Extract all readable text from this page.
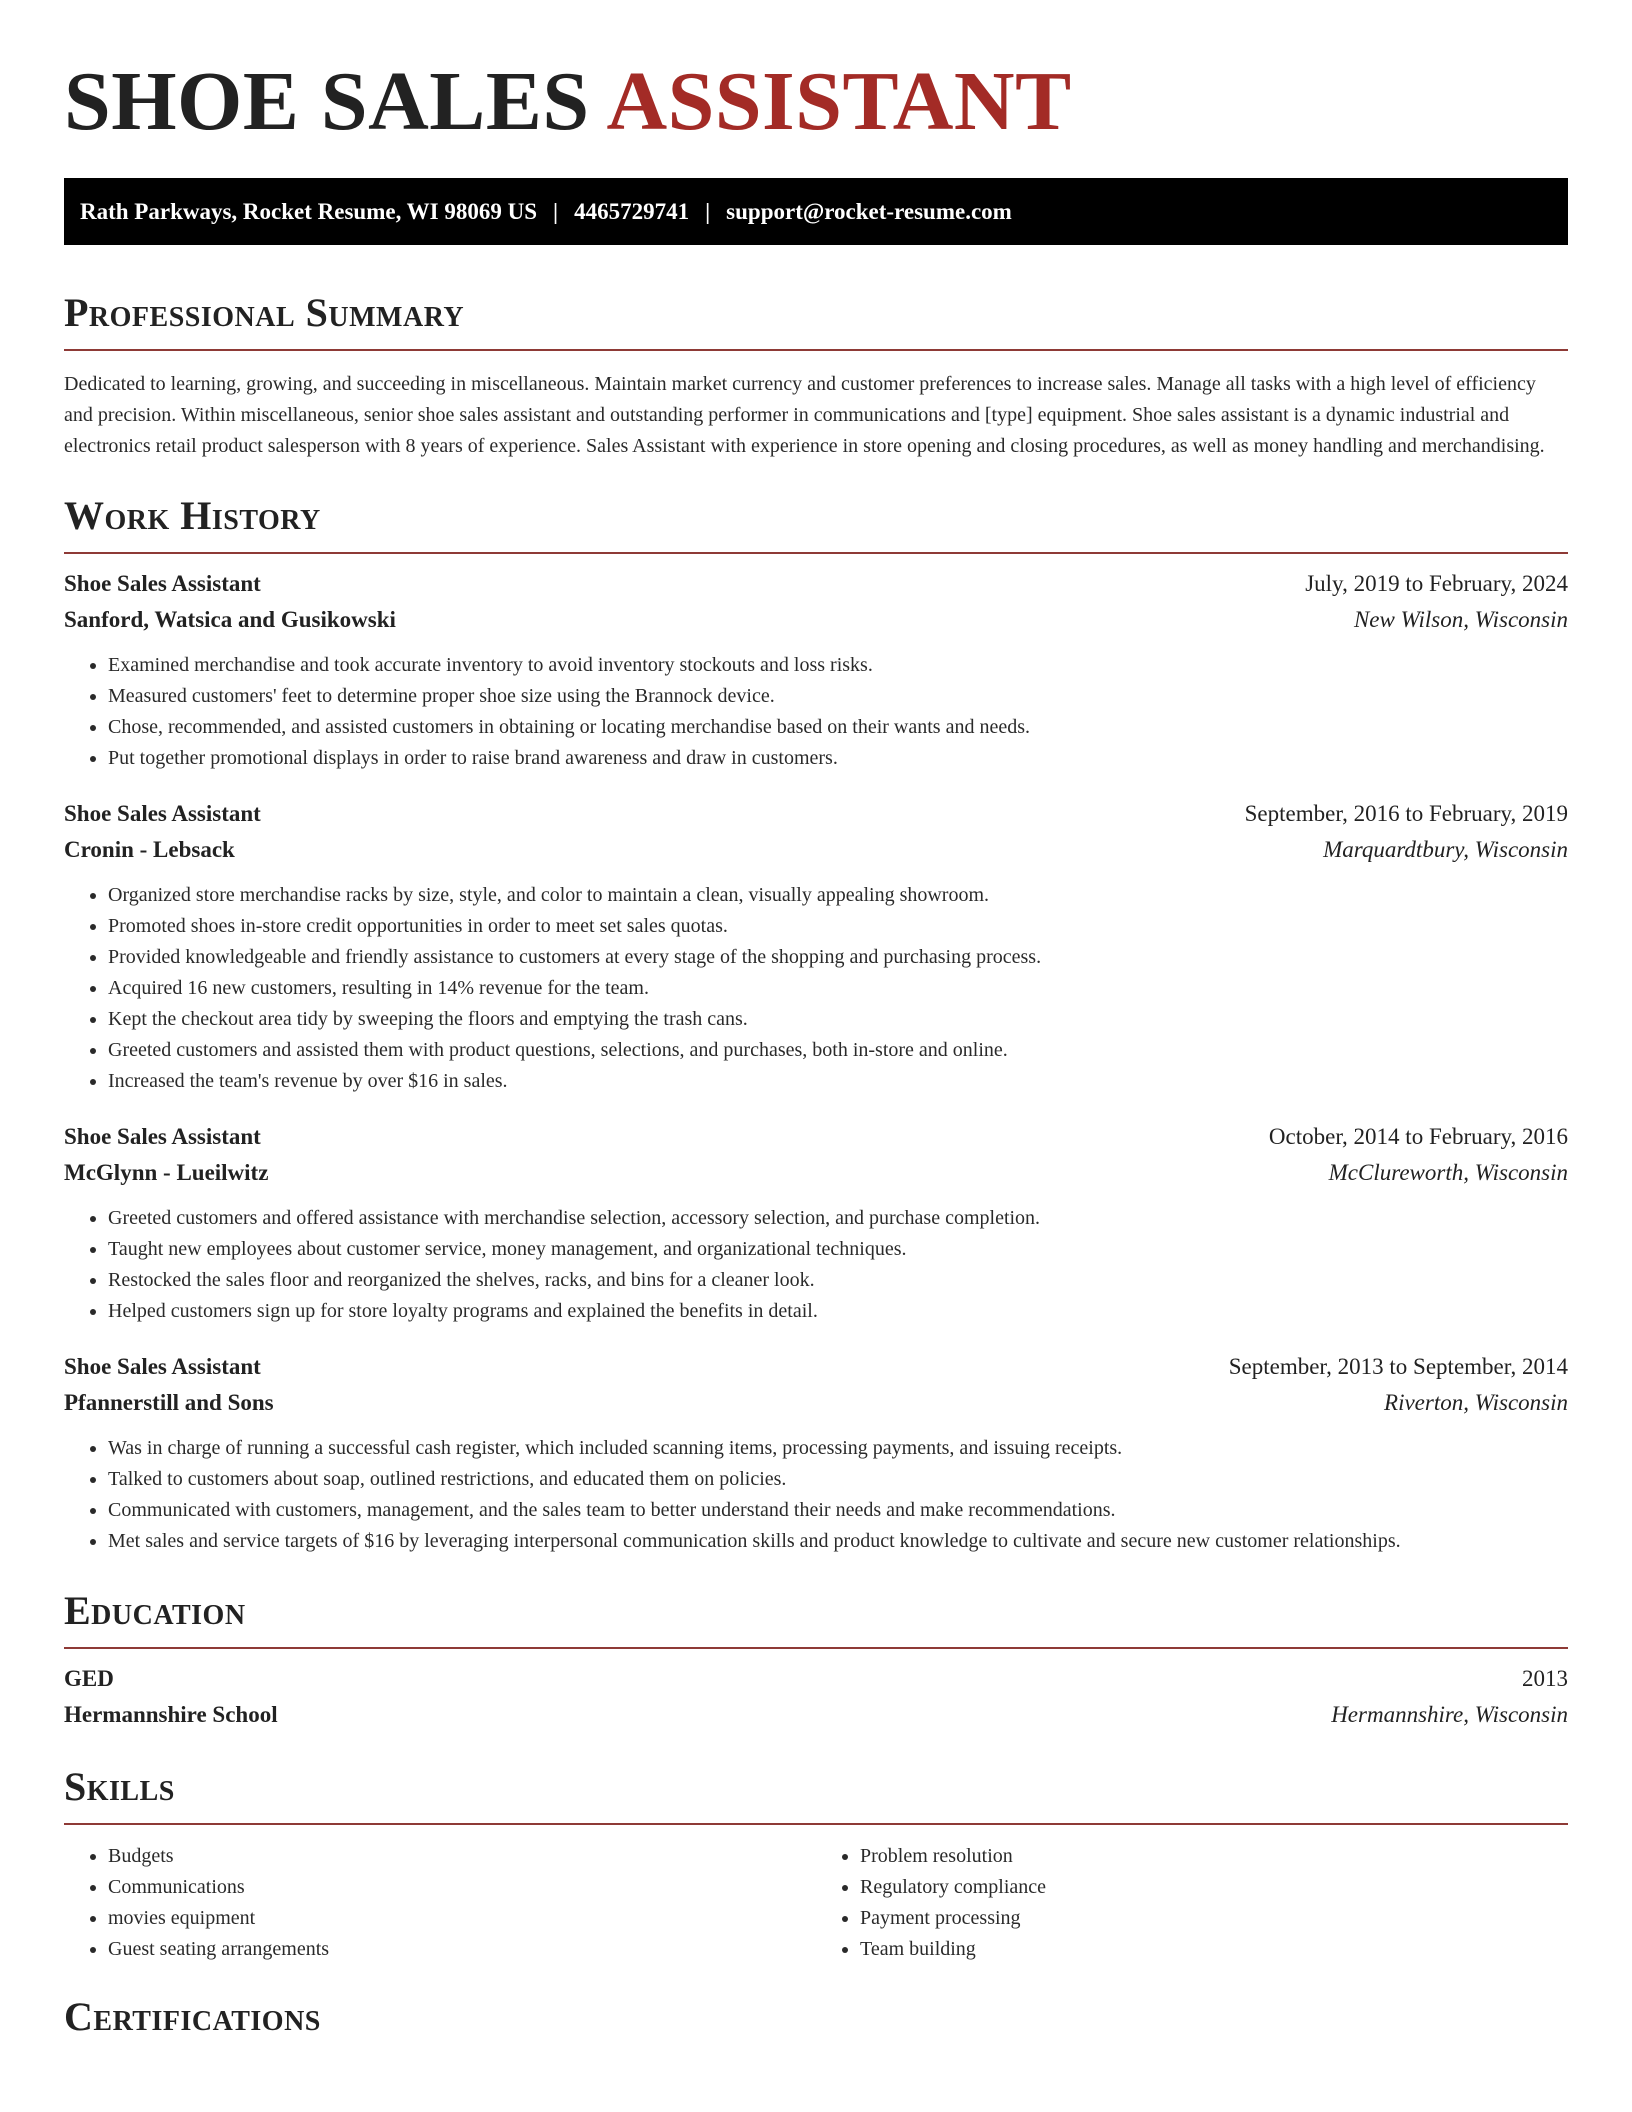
SHOE SALES ASSISTANT
Rath Parkways, Rocket Resume, WI 98069 US | 4465729741 | support@rocket-resume.com
Professional Summary

Dedicated to learning, growing, and succeeding in miscellaneous. Maintain market currency and customer preferences to increase sales. Manage all tasks with a high level of efficiency and precision. Within miscellaneous, senior shoe sales assistant and outstanding performer in communications and [type] equipment. Shoe sales assistant is a dynamic industrial and electronics retail product salesperson with 8 years of experience. Sales Assistant with experience in store opening and closing procedures, as well as money handling and merchandising.

Work History
Shoe Sales Assistant	July, 2019 to February, 2024
Sanford, Watsica and Gusikowski	New Wilson, Wisconsin
• Examined merchandise and took accurate inventory to avoid inventory stockouts and loss risks.
• Measured customers' feet to determine proper shoe size using the Brannock device.
• Chose, recommended, and assisted customers in obtaining or locating merchandise based on their wants and needs.
• Put together promotional displays in order to raise brand awareness and draw in customers.
Shoe Sales Assistant	September, 2016 to February, 2019
Cronin - Lebsack	Marquardtbury, Wisconsin
• Organized store merchandise racks by size, style, and color to maintain a clean, visually appealing showroom.
• Promoted shoes in-store credit opportunities in order to meet set sales quotas.
• Provided knowledgeable and friendly assistance to customers at every stage of the shopping and purchasing process.
• Acquired 16 new customers, resulting in 14% revenue for the team.
• Kept the checkout area tidy by sweeping the floors and emptying the trash cans.
• Greeted customers and assisted them with product questions, selections, and purchases, both in-store and online.
• Increased the team's revenue by over $16 in sales.
Shoe Sales Assistant	October, 2014 to February, 2016
McGlynn - Lueilwitz	McClureworth, Wisconsin
• Greeted customers and offered assistance with merchandise selection, accessory selection, and purchase completion.
• Taught new employees about customer service, money management, and organizational techniques.
• Restocked the sales floor and reorganized the shelves, racks, and bins for a cleaner look.
• Helped customers sign up for store loyalty programs and explained the benefits in detail.
Shoe Sales Assistant	September, 2013 to September, 2014
Pfannerstill and Sons	Riverton, Wisconsin
• Was in charge of running a successful cash register, which included scanning items, processing payments, and issuing receipts.
• Talked to customers about soap, outlined restrictions, and educated them on policies.
• Communicated with customers, management, and the sales team to better understand their needs and make recommendations.
• Met sales and service targets of $16 by leveraging interpersonal communication skills and product knowledge to cultivate and secure new customer relationships.
Education
GED	2013
Hermannshire School	Hermannshire, Wisconsin
Skills
• Budgets
• Communications
• movies equipment
• Guest seating arrangements
• Problem resolution
• Regulatory compliance
• Payment processing
• Team building
Certifications
